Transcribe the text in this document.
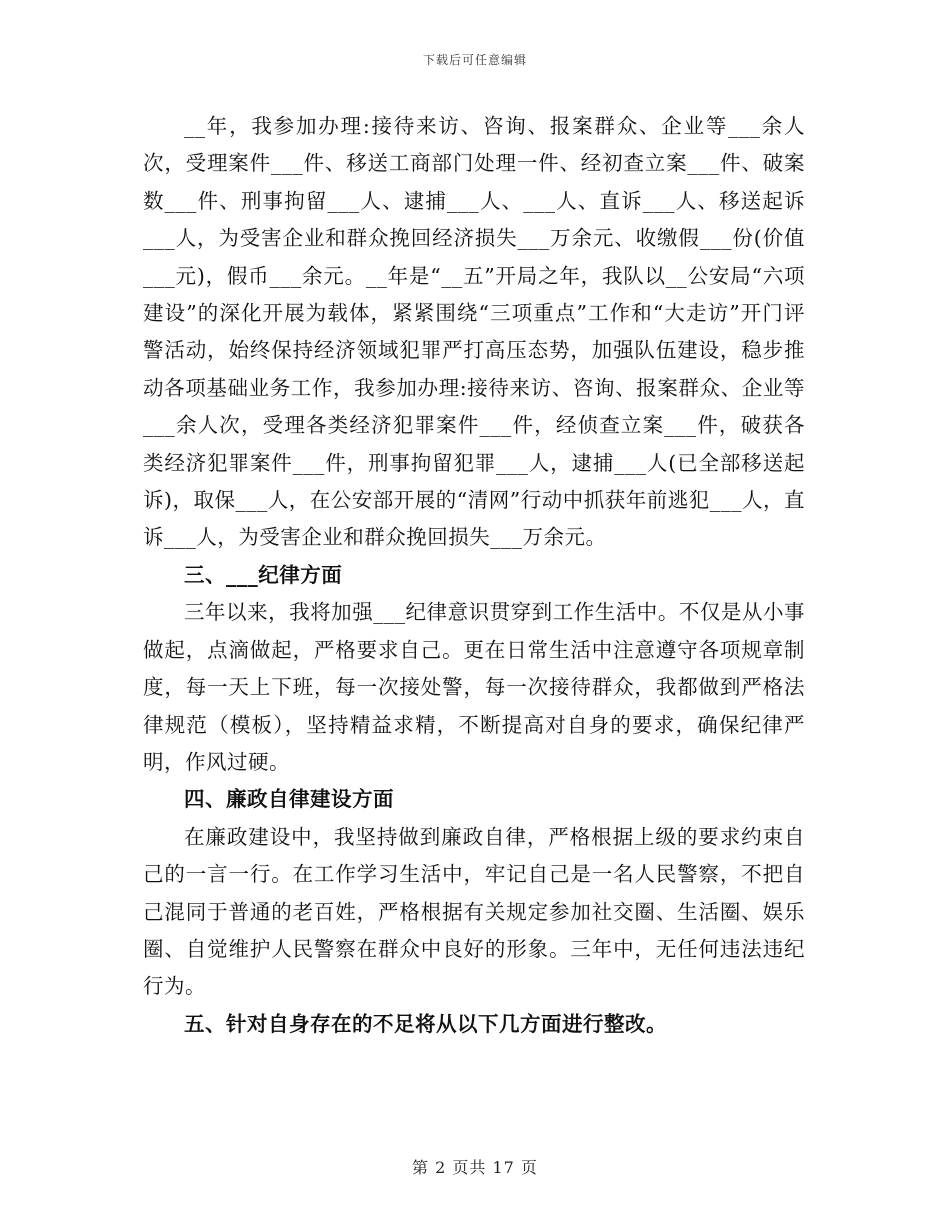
下载后可任意编辑

__年，我参加办理:接待来访、咨询、报案群众、企业等___余人次，受理案件___件、移送工商部门处理一件、经初查立案___件、破案数___件、刑事拘留___人、逮捕___人、___人、直诉___人、移送起诉___人，为受害企业和群众挽回经济损失___万余元、收缴假___份(价值___元)，假币___余元。__年是“__五”开局之年，我队以__公安局“六项建设”的深化开展为载体，紧紧围绕“三项重点”工作和“大走访”开门评警活动，始终保持经济领域犯罪严打高压态势，加强队伍建设，稳步推动各项基础业务工作，我参加办理:接待来访、咨询、报案群众、企业等___余人次，受理各类经济犯罪案件___件，经侦查立案___件，破获各类经济犯罪案件___件，刑事拘留犯罪___人，逮捕___人(已全部移送起诉)，取保___人，在公安部开展的“清网”行动中抓获年前逃犯___人，直诉___人，为受害企业和群众挽回损失___万余元。

三、___纪律方面

三年以来，我将加强___纪律意识贯穿到工作生活中。不仅是从小事做起，点滴做起，严格要求自己。更在日常生活中注意遵守各项规章制度，每一天上下班，每一次接处警，每一次接待群众，我都做到严格法律规范（模板），坚持精益求精，不断提高对自身的要求，确保纪律严明，作风过硬。

四、廉政自律建设方面

在廉政建设中，我坚持做到廉政自律，严格根据上级的要求约束自己的一言一行。在工作学习生活中，牢记自己是一名人民警察，不把自己混同于普通的老百姓，严格根据有关规定参加社交圈、生活圈、娱乐圈、自觉维护人民警察在群众中良好的形象。三年中，无任何违法违纪行为。

五、针对自身存在的不足将从以下几方面进行整改。

第 2 页共 17 页
